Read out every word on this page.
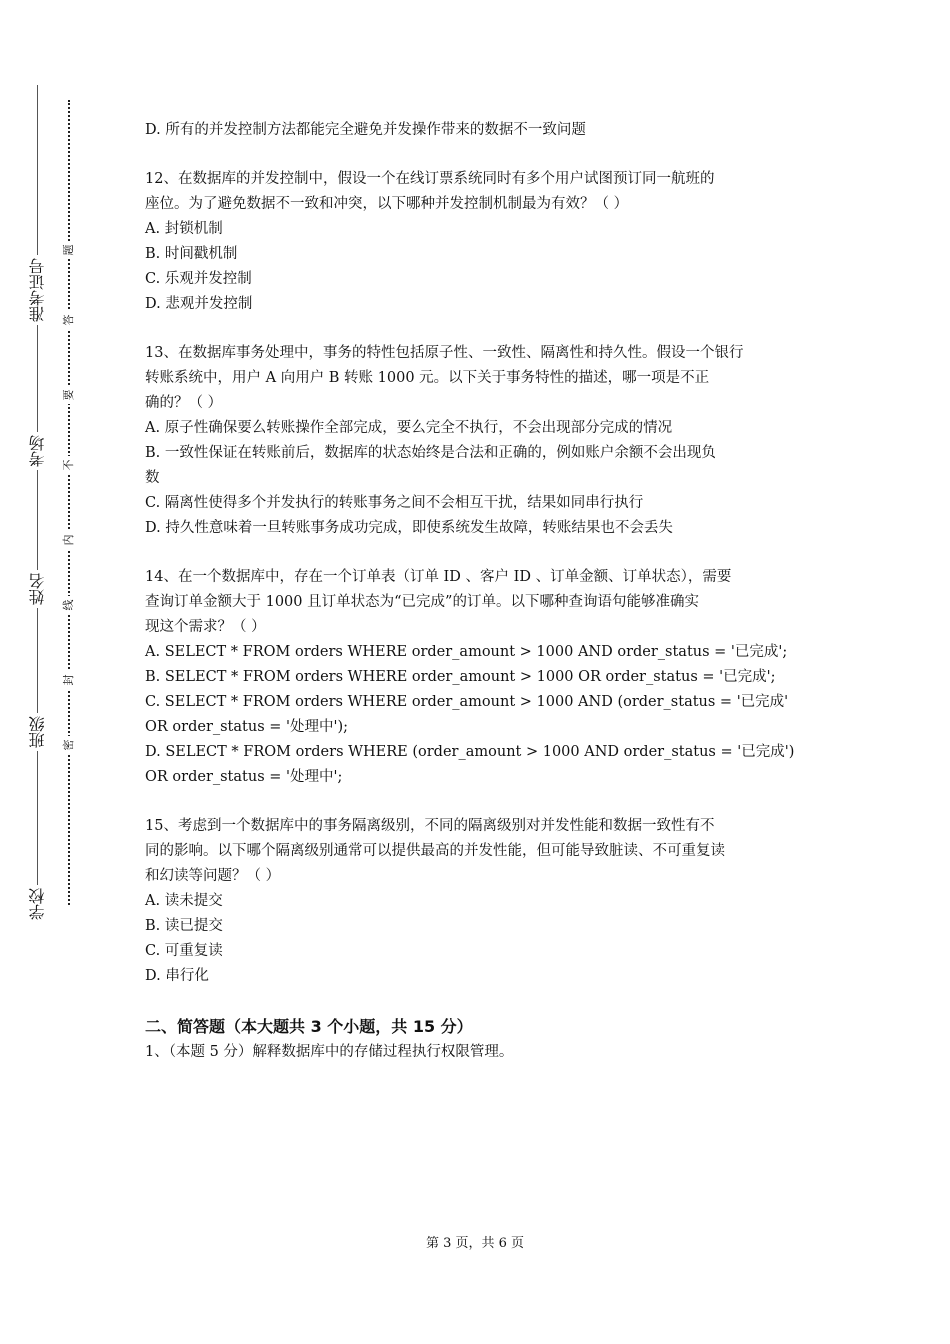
准考证号
考场
姓名
班级
学校
题
答
要
不
内
线
封
密
D. 所有的并发控制方法都能完全避免并发操作带来的数据不一致问题
12、在数据库的并发控制中，假设一个在线订票系统同时有多个用户试图预订同一航班的
座位。为了避免数据不一致和冲突，以下哪种并发控制机制最为有效？（ ）
A. 封锁机制
B. 时间戳机制
C. 乐观并发控制
D. 悲观并发控制
13、在数据库事务处理中，事务的特性包括原子性、一致性、隔离性和持久性。假设一个银行
转账系统中，用户 A 向用户 B 转账 1000 元。以下关于事务特性的描述，哪一项是不正
确的？（ ）
A. 原子性确保要么转账操作全部完成，要么完全不执行，不会出现部分完成的情况
B. 一致性保证在转账前后，数据库的状态始终是合法和正确的，例如账户余额不会出现负
数
C. 隔离性使得多个并发执行的转账事务之间不会相互干扰，结果如同串行执行
D. 持久性意味着一旦转账事务成功完成，即使系统发生故障，转账结果也不会丢失
14、在一个数据库中，存在一个订单表（订单 ID 、客户 ID 、订单金额、订单状态），需要
查询订单金额大于 1000 且订单状态为“已完成”的订单。以下哪种查询语句能够准确实
现这个需求？（ ）
A. SELECT * FROM orders WHERE order_amount > 1000 AND order_status = '已完成';
B. SELECT * FROM orders WHERE order_amount > 1000 OR order_status = '已完成';
C. SELECT * FROM orders WHERE order_amount > 1000 AND (order_status = '已完成'
OR order_status = '处理中');
D. SELECT * FROM orders WHERE (order_amount > 1000 AND order_status = '已完成')
OR order_status = '处理中';
15、考虑到一个数据库中的事务隔离级别，不同的隔离级别对并发性能和数据一致性有不
同的影响。以下哪个隔离级别通常可以提供最高的并发性能，但可能导致脏读、不可重复读
和幻读等问题？（ ）
A. 读未提交
B. 读已提交
C. 可重复读
D. 串行化
二、简答题（本大题共 3 个小题，共 15 分）
1、（本题 5 分）解释数据库中的存储过程执行权限管理。
第 3 页，共 6 页
